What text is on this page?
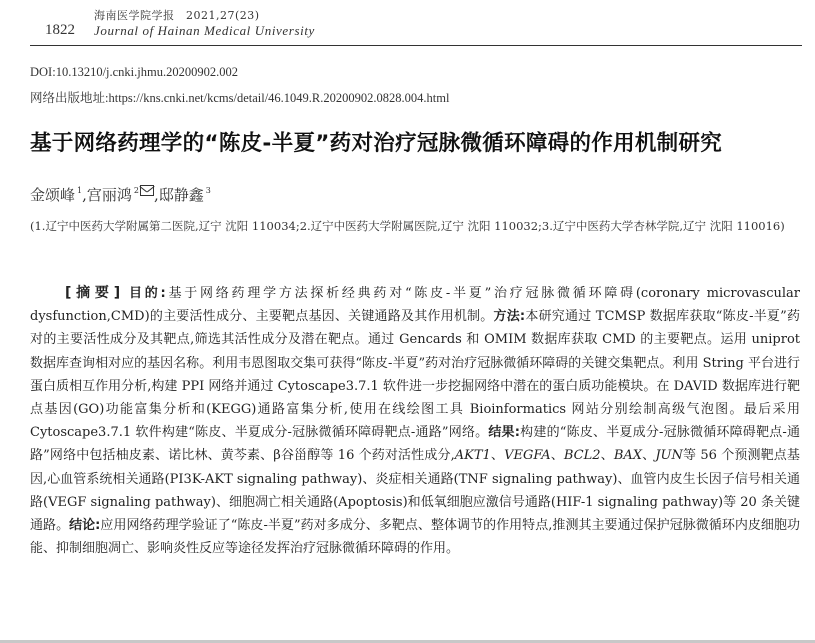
海南医学院学报　2021,27(23)
1822 Journal of Hainan Medical University
DOI:10.13210/j.cnki.jhmu.20200902.002
网络出版地址:https://kns.cnki.net/kcms/detail/46.1049.R.20200902.0828.004.html
基于网络药理学的“陈皮-半夏”药对治疗冠脉微循环障碍的作用机制研究
金颂峰 $^1$,宫丽鸿 $^2$ ,邸静鑫 $^3$
(1.辽宁中医药大学附属第二医院,辽宁 沈阳 110034;2.辽宁中医药大学附属医院,辽宁 沈阳 110032;3.辽宁中医药大学杏林学院,辽宁 沈阳 110016)

[摘要] 目的:基于网络药理学方法探析经典药对“陈皮-半夏”治疗冠脉微循环障碍(coronary microvascular dysfunction,CMD)的主要活性成分、主要靶点基因、关键通路及其作用机制。方法:本研究通过 TCMSP 数据库获取“陈皮-半夏”药对的主要活性成分及其靶点,筛选其活性成分及潜在靶点。通过 Gencards 和 OMIM 数据库获取 CMD 的主要靶点。运用 uniprot 数据库查询相对应的基因名称。利用韦恩图取交集可获得“陈皮-半夏”药对治疗冠脉微循环障碍的关键交集靶点。利用 String 平台进行蛋白质相互作用分析,构建 PPI 网络并通过 Cytoscape3.7.1 软件进一步挖掘网络中潜在的蛋白质功能模块。在 DAVID 数据库进行靶点基因(GO)功能富集分析和(KEGG)通路富集分析,使用在线绘图工具 Bioinformatics 网站分别绘制高级气泡图。最后采用 Cytoscape3.7.1 软件构建“陈皮、半夏成分-冠脉微循环障碍靶点-通路”网络。结果:构建的“陈皮、半夏成分-冠脉微循环障碍靶点-通路”网络中包括柚皮素、诺比林、黄芩素、β谷甾醇等 16 个药对活性成分,AKT1、VEGFA、BCL2、BAX、JUN等 56 个预测靶点基因,心血管系统相关通路(PI3K-AKT signaling pathway)、炎症相关通路(TNF signaling pathway)、血管内皮生长因子信号相关通路(VEGF signaling pathway)、细胞凋亡相关通路(Apoptosis)和低氧细胞应激信号通路(HIF-1 signaling pathway)等 20 条关键通路。结论:应用网络药理学验证了“陈皮-半夏”药对多成分、多靶点、整体调节的作用特点,推测其主要通过保护冠脉微循环内皮细胞功能、抑制细胞凋亡、影响炎性反应等途径发挥治疗冠脉微循环障碍的作用。
